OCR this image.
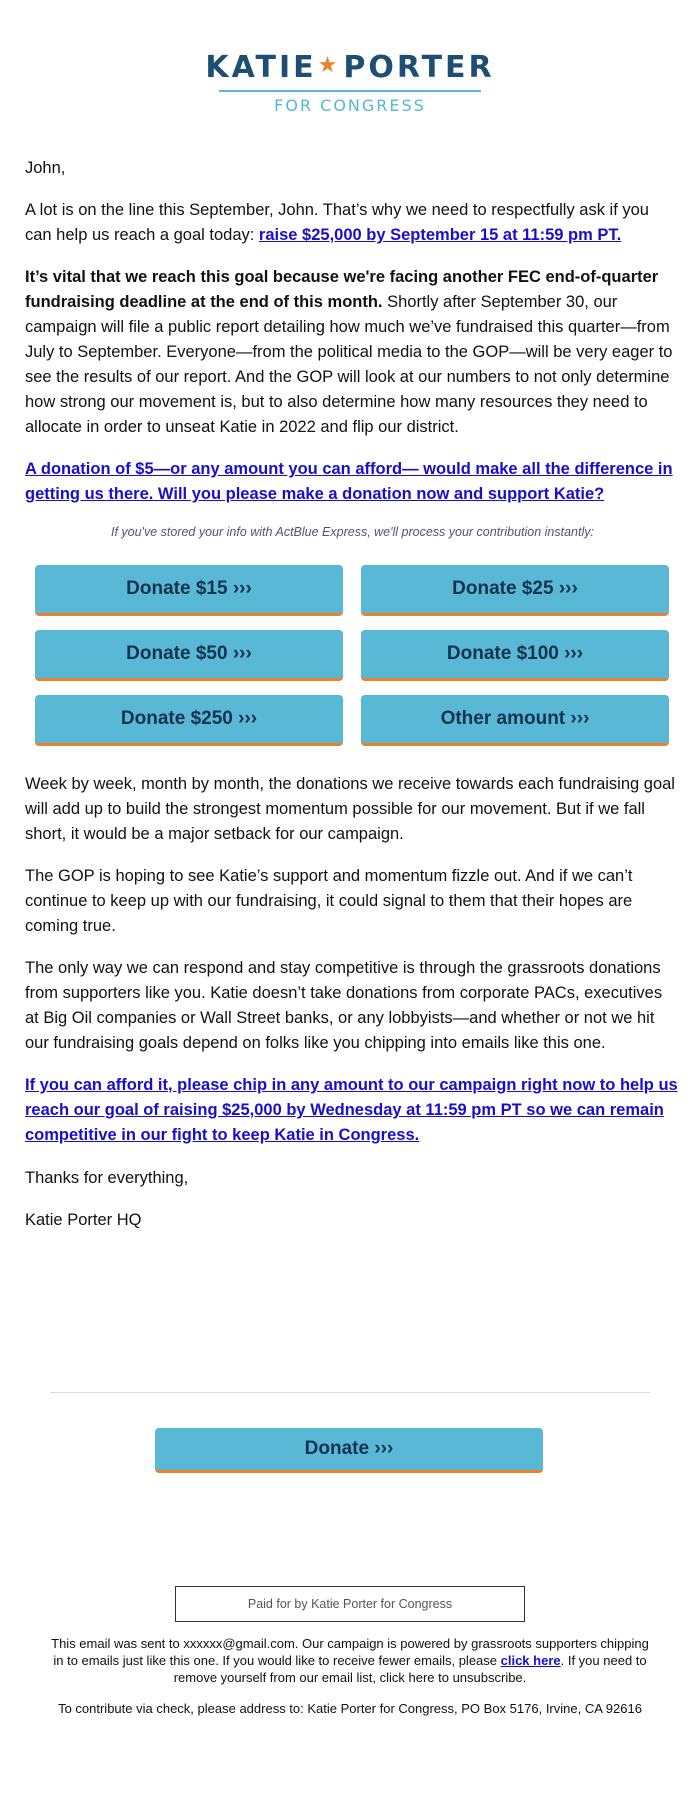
KATIE★ PORTER
FOR CONGRESS

John,

A lot is on the line this September, John. That’s why we need to respectfully ask if you can help us reach a goal today: raise $25,000 by September 15 at 11:59 pm PT.

It’s vital that we reach this goal because we're facing another FEC end-of-quarter fundraising deadline at the end of this month. Shortly after September 30, our campaign will file a public report detailing how much we’ve fundraised this quarter—from July to September. Everyone—from the political media to the GOP—will be very eager to see the results of our report. And the GOP will look at our numbers to not only determine how strong our movement is, but to also determine how many resources they need to allocate in order to unseat Katie in 2022 and flip our district.

A donation of $5—or any amount you can afford— would make all the difference in getting us there. Will you please make a donation now and support Katie?

If you've stored your info with ActBlue Express, we'll process your contribution instantly:

Donate $15 ›››	Donate $25 ›››
Donate $50 ›››	Donate $100 ›››
Donate $250 ›››	Other amount ›››

Week by week, month by month, the donations we receive towards each fundraising goal will add up to build the strongest momentum possible for our movement. But if we fall short, it would be a major setback for our campaign.

The GOP is hoping to see Katie’s support and momentum fizzle out. And if we can’t continue to keep up with our fundraising, it could signal to them that their hopes are coming true.

The only way we can respond and stay competitive is through the grassroots donations from supporters like you. Katie doesn’t take donations from corporate PACs, executives at Big Oil companies or Wall Street banks, or any lobbyists—and whether or not we hit our fundraising goals depend on folks like you chipping into emails like this one.

If you can afford it, please chip in any amount to our campaign right now to help us reach our goal of raising $25,000 by Wednesday at 11:59 pm PT so we can remain competitive in our fight to keep Katie in Congress.

Thanks for everything,

Katie Porter HQ

Donate ›››
Paid for by Katie Porter for Congress

This email was sent to xxxxxx@gmail.com. Our campaign is powered by grassroots supporters chipping in to emails just like this one. If you would like to receive fewer emails, please click here. If you need to remove yourself from our email list, click here to unsubscribe.

To contribute via check, please address to: Katie Porter for Congress, PO Box 5176, Irvine, CA 92616
